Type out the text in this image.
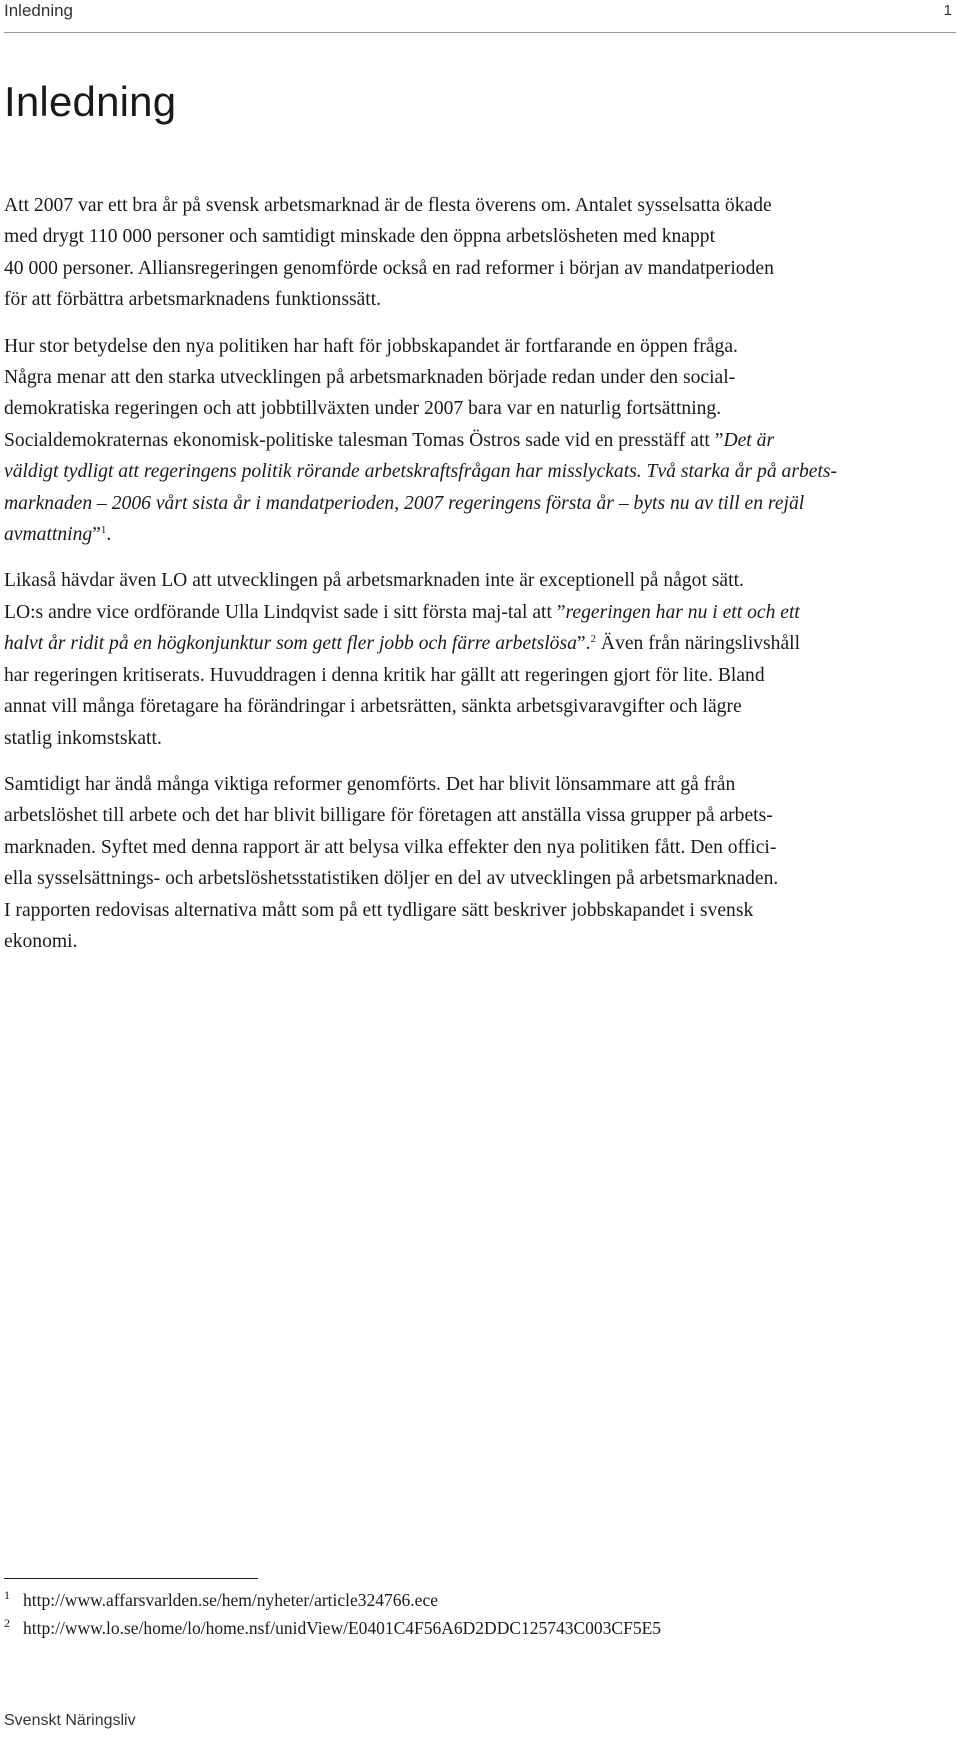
Inledning	1
Inledning

Att 2007 var ett bra år på svensk arbetsmarknad är de flesta överens om. Antalet sysselsatta ökade
med drygt 110 000 personer och samtidigt minskade den öppna arbetslösheten med knappt
40 000 personer. Alliansregeringen genomförde också en rad reformer i början av mandatperioden
för att förbättra arbetsmarknadens funktionssätt.

Hur stor betydelse den nya politiken har haft för jobbskapandet är fortfarande en öppen fråga.
Några menar att den starka utvecklingen på arbetsmarknaden började redan under den social-
demokratiska regeringen och att jobbtillväxten under 2007 bara var en naturlig fortsättning.
Socialdemokraternas ekonomisk-politiske talesman Tomas Östros sade vid en presstäff att ”Det är
väldigt tydligt att regeringens politik rörande arbetskraftsfrågan har misslyckats. Två starka år på arbets-
marknaden – 2006 vårt sista år i mandatperioden, 2007 regeringens första år – byts nu av till en rejäl
avmattning”$^1$.

Likaså hävdar även LO att utvecklingen på arbetsmarknaden inte är exceptionell på något sätt.
LO:s andre vice ordförande Ulla Lindqvist sade i sitt första maj-tal att ”regeringen har nu i ett och ett
halvt år ridit på en högkonjunktur som gett fler jobb och färre arbetslösa”.$^2$ Även från näringslivshåll
har regeringen kritiserats. Huvuddragen i denna kritik har gällt att regeringen gjort för lite. Bland
annat vill många företagare ha förändringar i arbetsrätten, sänkta arbetsgivaravgifter och lägre
statlig inkomstskatt.

Samtidigt har ändå många viktiga reformer genomförts. Det har blivit lönsammare att gå från
arbetslöshet till arbete och det har blivit billigare för företagen att anställa vissa grupper på arbets-
marknaden. Syftet med denna rapport är att belysa vilka effekter den nya politiken fått. Den offici-
ella sysselsättnings- och arbetslöshetsstatistiken döljer en del av utvecklingen på arbetsmarknaden.
I rapporten redovisas alternativa mått som på ett tydligare sätt beskriver jobbskapandet i svensk
ekonomi.

1 http://www.affarsvarlden.se/hem/nyheter/article324766.ece
2 http://www.lo.se/home/lo/home.nsf/unidView/E0401C4F56A6D2DDC125743C003CF5E5
Svenskt Näringsliv
